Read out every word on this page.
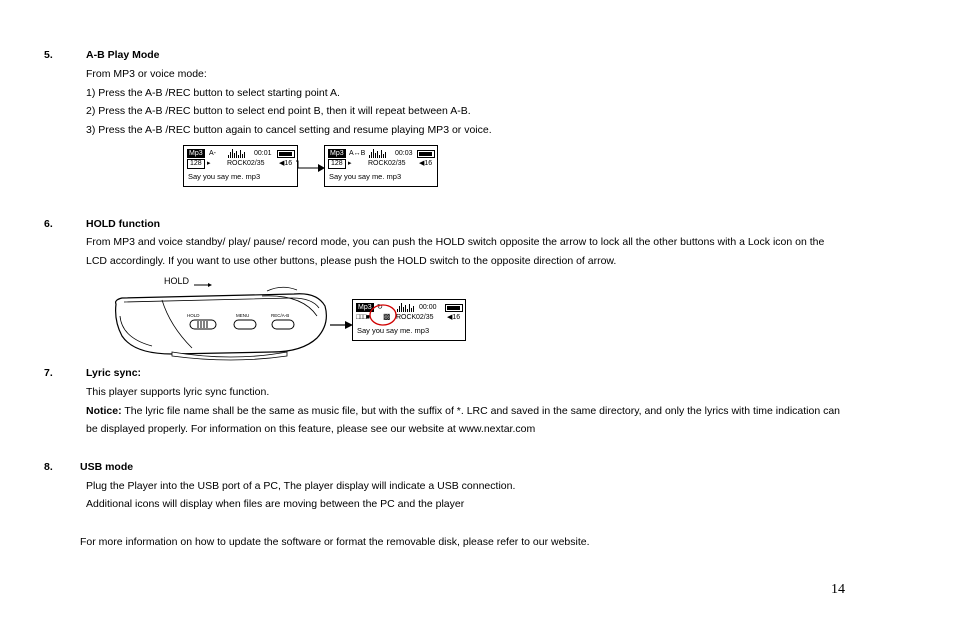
5.	A-B Play Mode
From MP3 or voice mode:
1) Press the A-B /REC button to select starting point A.
2) Press the A-B /REC button to select end point B, then it will repeat between A-B.
3) Press the A-B /REC button again to cancel setting and resume playing MP3 or voice.
Mp3 A-	00:01
128 ▸ ROCK 02/35 ◀16
Say you say me. mp3
Mp3 A↔B	00:03
128 ▸ ROCK 02/35 ◀16
Say you say me. mp3
6.	HOLD function
From MP3 and voice standby/ play/ pause/ record mode, you can push the HOLD switch opposite the arrow to lock all the other buttons with a Lock icon on the
LCD accordingly. If you want to use other buttons, please push the HOLD switch to the opposite direction of arrow.
HOLD
HOLD	MENU	REC/A-B
Mp3 ↻	00:00
□□□■ ▩ ROCK 02/35 ◀16
Say you say me. mp3
7.	Lyric sync:
This player supports lyric sync function.
Notice: The lyric file name shall be the same as music file, but with the suffix of *. LRC and saved in the same directory, and only the lyrics with time indication can
be displayed properly. For information on this feature, please see our website at www.nextar.com
8.	USB mode
Plug the Player into the USB port of a PC, The player display will indicate a USB connection.
Additional icons will display when files are moving between the PC and the player
For more information on how to update the software or format the removable disk, please refer to our website.
14
